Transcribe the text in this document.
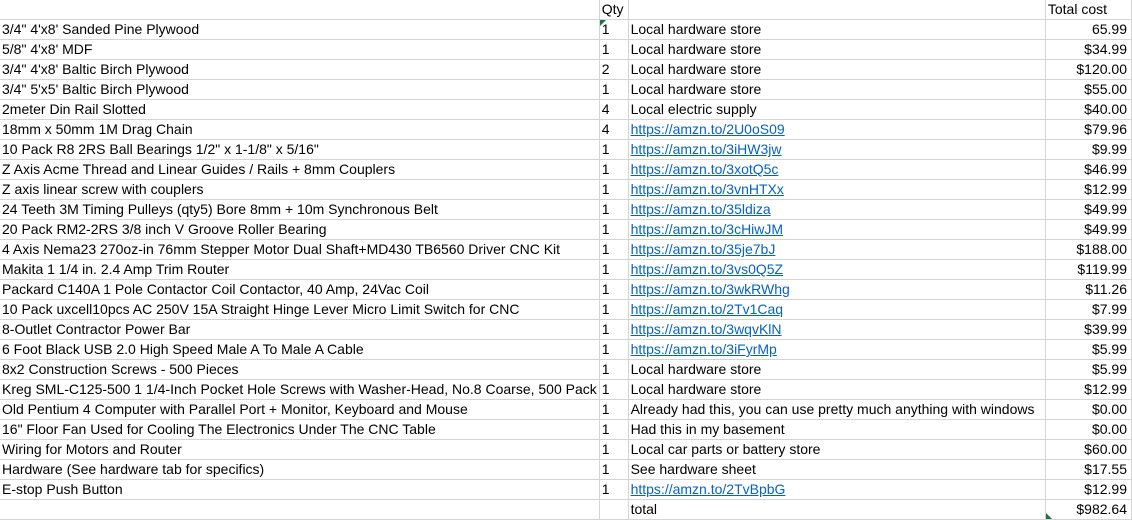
	Qty		Total cost
3/4" 4'x8' Sanded Pine Plywood	1	Local hardware store	65.99
5/8" 4'x8' MDF	1	Local hardware store	$34.99
3/4" 4'x8' Baltic Birch Plywood	2	Local hardware store	$120.00
3/4" 5'x5' Baltic Birch Plywood	1	Local hardware store	$55.00
2meter Din Rail Slotted	4	Local electric supply	$40.00
18mm x 50mm 1M Drag Chain	4	https://amzn.to/2U0oS09	$79.96
10 Pack R8 2RS Ball Bearings 1/2" x 1-1/8" x 5/16"	1	https://amzn.to/3iHW3jw	$9.99
Z Axis Acme Thread and Linear Guides / Rails + 8mm Couplers	1	https://amzn.to/3xotQ5c	$46.99
Z axis linear screw with couplers	1	https://amzn.to/3vnHTXx	$12.99
24 Teeth 3M Timing Pulleys (qty5) Bore 8mm + 10m Synchronous Belt	1	https://amzn.to/35ldiza	$49.99
20 Pack RM2-2RS 3/8 inch V Groove Roller Bearing	1	https://amzn.to/3cHiwJM	$49.99
4 Axis Nema23 270oz-in 76mm Stepper Motor Dual Shaft+MD430 TB6560 Driver CNC Kit	1	https://amzn.to/35je7bJ	$188.00
Makita 1 1/4 in. 2.4 Amp Trim Router	1	https://amzn.to/3vs0Q5Z	$119.99
Packard C140A 1 Pole Contactor Coil Contactor, 40 Amp, 24Vac Coil	1	https://amzn.to/3wkRWhg	$11.26
10 Pack uxcell10pcs AC 250V 15A Straight Hinge Lever Micro Limit Switch for CNC	1	https://amzn.to/2Tv1Caq	$7.99
8-Outlet Contractor Power Bar	1	https://amzn.to/3wqvKlN	$39.99
6 Foot Black USB 2.0 High Speed Male A To Male A Cable	1	https://amzn.to/3iFyrMp	$5.99
8x2 Construction Screws - 500 Pieces	1	Local hardware store	$5.99
Kreg SML-C125-500 1 1/4-Inch Pocket Hole Screws with Washer-Head, No.8 Coarse, 500 Pack	1	Local hardware store	$12.99
Old Pentium 4 Computer with Parallel Port + Monitor, Keyboard and Mouse	1	Already had this, you can use pretty much anything with windows	$0.00
16" Floor Fan Used for Cooling The Electronics Under The CNC Table	1	Had this in my basement	$0.00
Wiring for Motors and Router	1	Local car parts or battery store	$60.00
Hardware (See hardware tab for specifics)	1	See hardware sheet	$17.55
E-stop Push Button	1	https://amzn.to/2TvBpbG	$12.99
		total	$982.64
